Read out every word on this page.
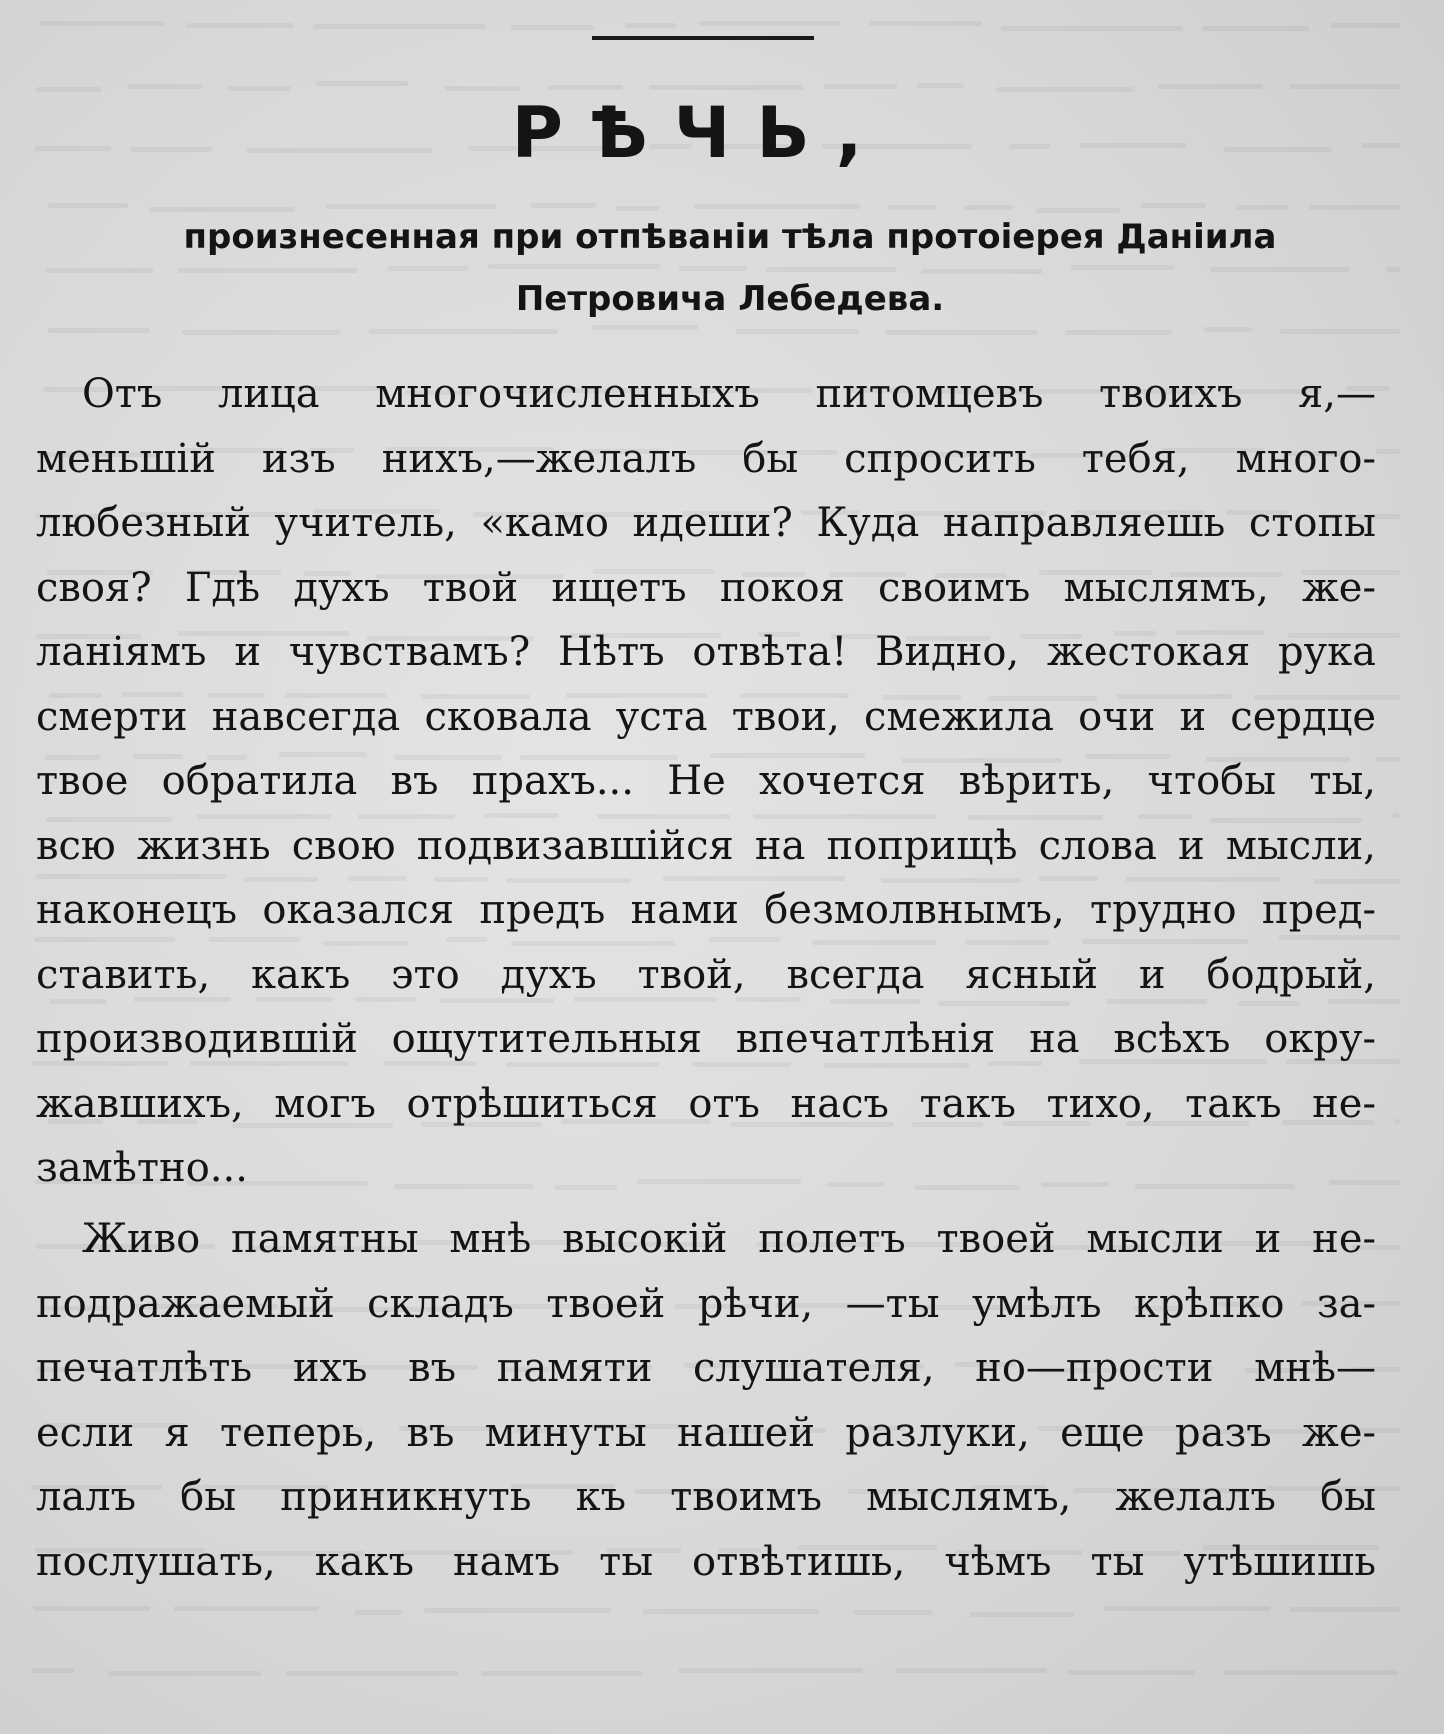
РѢЧЬ,
произнесенная при отпѣваніи тѣла протоіерея Даніила
Петровича Лебедева.
Отъ лица многочисленныхъ питомцевъ твоихъ я,—
меньшій изъ нихъ,—желалъ бы спросить тебя, много-
любезный учитель, «камо идеши? Куда направляешь стопы
своя? Гдѣ духъ твой ищетъ покоя своимъ мыслямъ, же-
ланіямъ и чувствамъ? Нѣтъ отвѣта! Видно, жестокая рука
смерти навсегда сковала уста твои, смежила очи и сердце
твое обратила въ прахъ... Не хочется вѣрить, чтобы ты,
всю жизнь свою подвизавшійся на поприщѣ слова и мысли,
наконецъ оказался предъ нами безмолвнымъ, трудно пред-
ставить, какъ это духъ твой, всегда ясный и бодрый,
производившій ощутительныя впечатлѣнія на всѣхъ окру-
жавшихъ, могъ отрѣшиться отъ насъ такъ тихо, такъ не-
замѣтно...
Живо памятны мнѣ высокій полетъ твоей мысли и не-
подражаемый складъ твоей рѣчи, —ты умѣлъ крѣпко за-
печатлѣть ихъ въ памяти слушателя, но—прости мнѣ—
если я теперь, въ минуты нашей разлуки, еще разъ же-
лалъ бы приникнуть къ твоимъ мыслямъ, желалъ бы
послушать, какъ намъ ты отвѣтишь, чѣмъ ты утѣшишь
